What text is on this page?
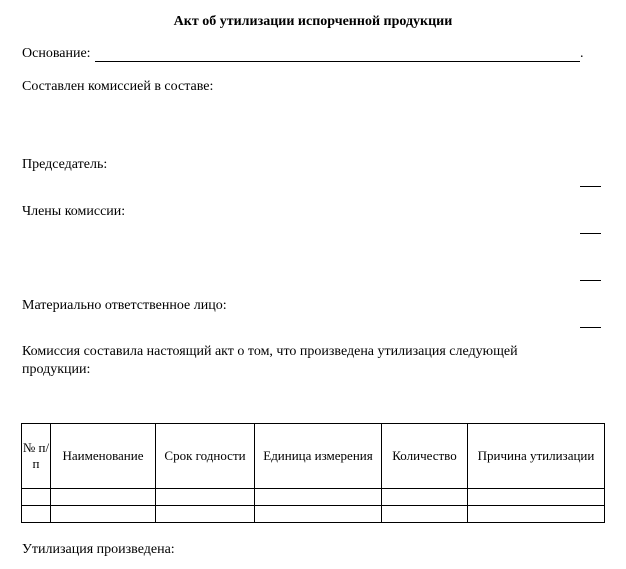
Акт об утилизации испорченной продукции
Основание:	.
Составлен комиссией в составе:
Председатель:
Члены комиссии:
Материально ответственное лицо:
Комиссия составила настоящий акт о том, что произведена утилизация следующей продукции:
№ п/п	Наименование	Срок годности	Единица измерения	Количество	Причина утилизации

Утилизация произведена:
